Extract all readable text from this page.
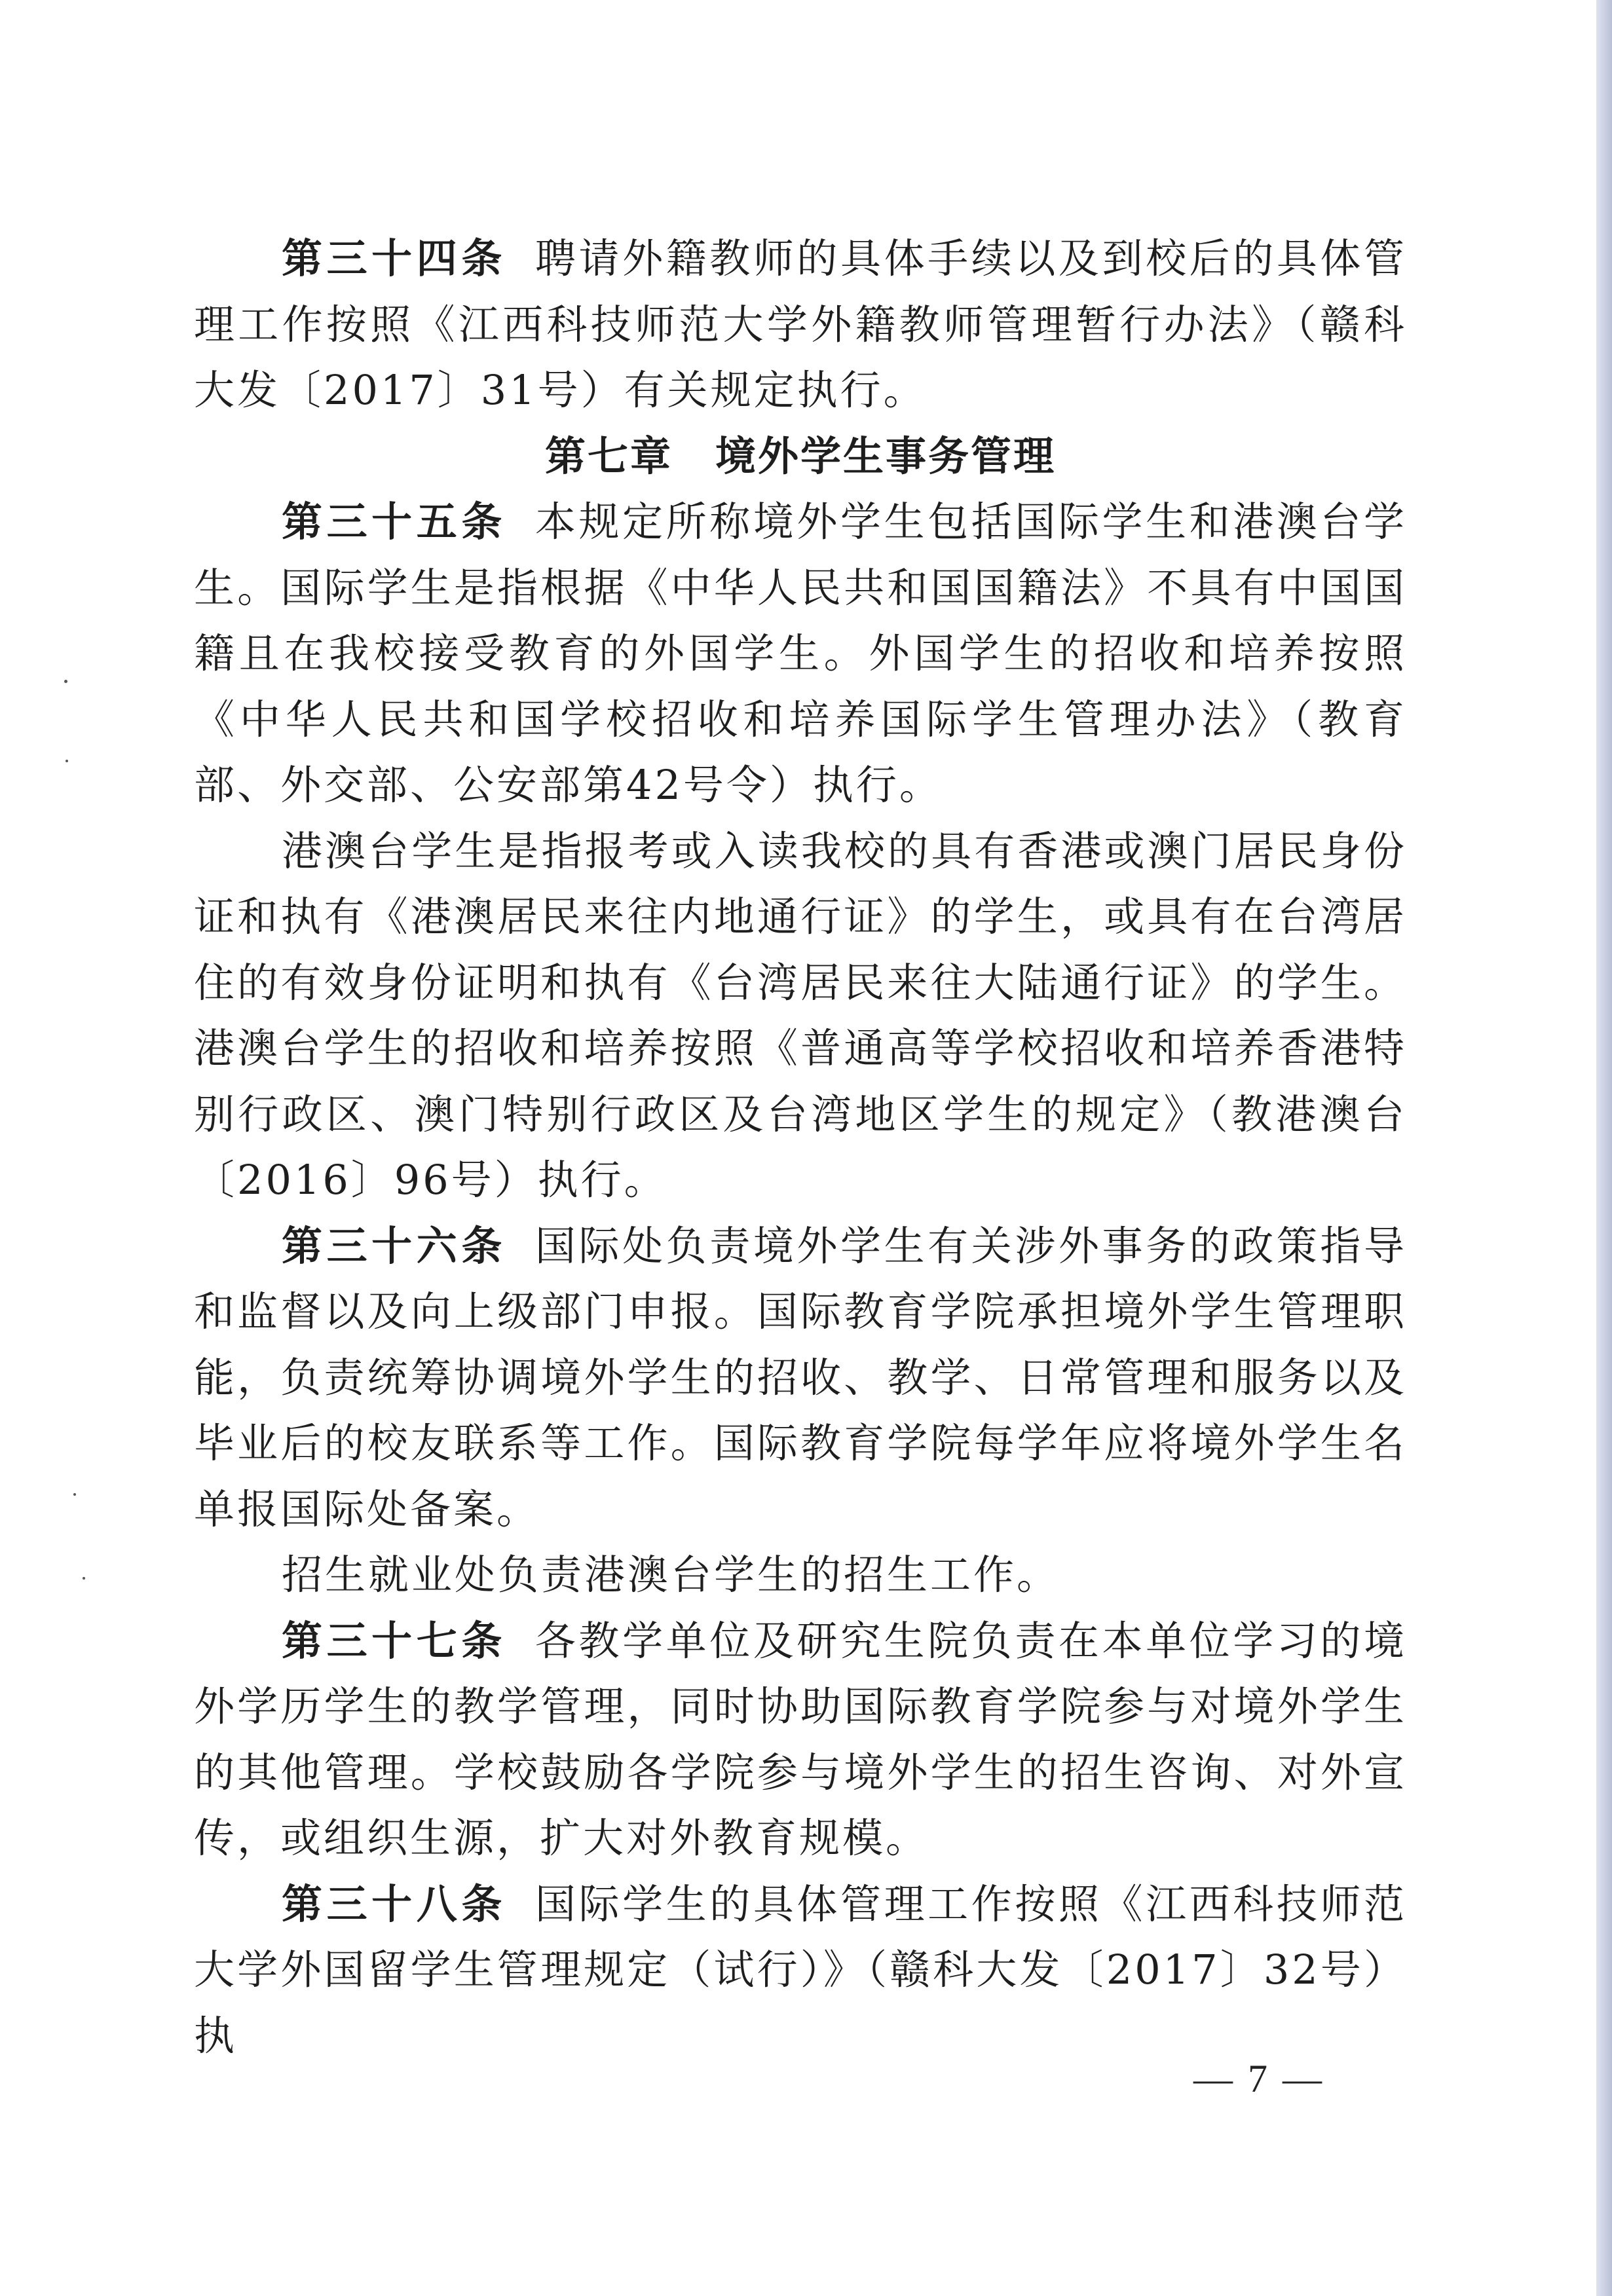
第三十四条 聘请外籍教师的具体手续以及到校后的具体管理工作按照《江西科技师范大学外籍教师管理暂行办法》（赣科大发〔2017〕31号）有关规定执行。

第七章　境外学生事务管理

第三十五条 本规定所称境外学生包括国际学生和港澳台学生。国际学生是指根据《中华人民共和国国籍法》不具有中国国籍且在我校接受教育的外国学生。外国学生的招收和培养按照《中华人民共和国学校招收和培养国际学生管理办法》（教育部、外交部、公安部第42号令）执行。

港澳台学生是指报考或入读我校的具有香港或澳门居民身份证和执有《港澳居民来往内地通行证》的学生，或具有在台湾居住的有效身份证明和执有《台湾居民来往大陆通行证》的学生。港澳台学生的招收和培养按照《普通高等学校招收和培养香港特别行政区、澳门特别行政区及台湾地区学生的规定》（教港澳台〔2016〕96号）执行。

第三十六条 国际处负责境外学生有关涉外事务的政策指导和监督以及向上级部门申报。国际教育学院承担境外学生管理职能，负责统筹协调境外学生的招收、教学、日常管理和服务以及毕业后的校友联系等工作。国际教育学院每学年应将境外学生名单报国际处备案。

招生就业处负责港澳台学生的招生工作。

第三十七条 各教学单位及研究生院负责在本单位学习的境外学历学生的教学管理，同时协助国际教育学院参与对境外学生的其他管理。学校鼓励各学院参与境外学生的招生咨询、对外宣传，或组织生源，扩大对外教育规模。

第三十八条 国际学生的具体管理工作按照《江西科技师范大学外国留学生管理规定（试行）》（赣科大发〔2017〕32号）执

— 7 —
